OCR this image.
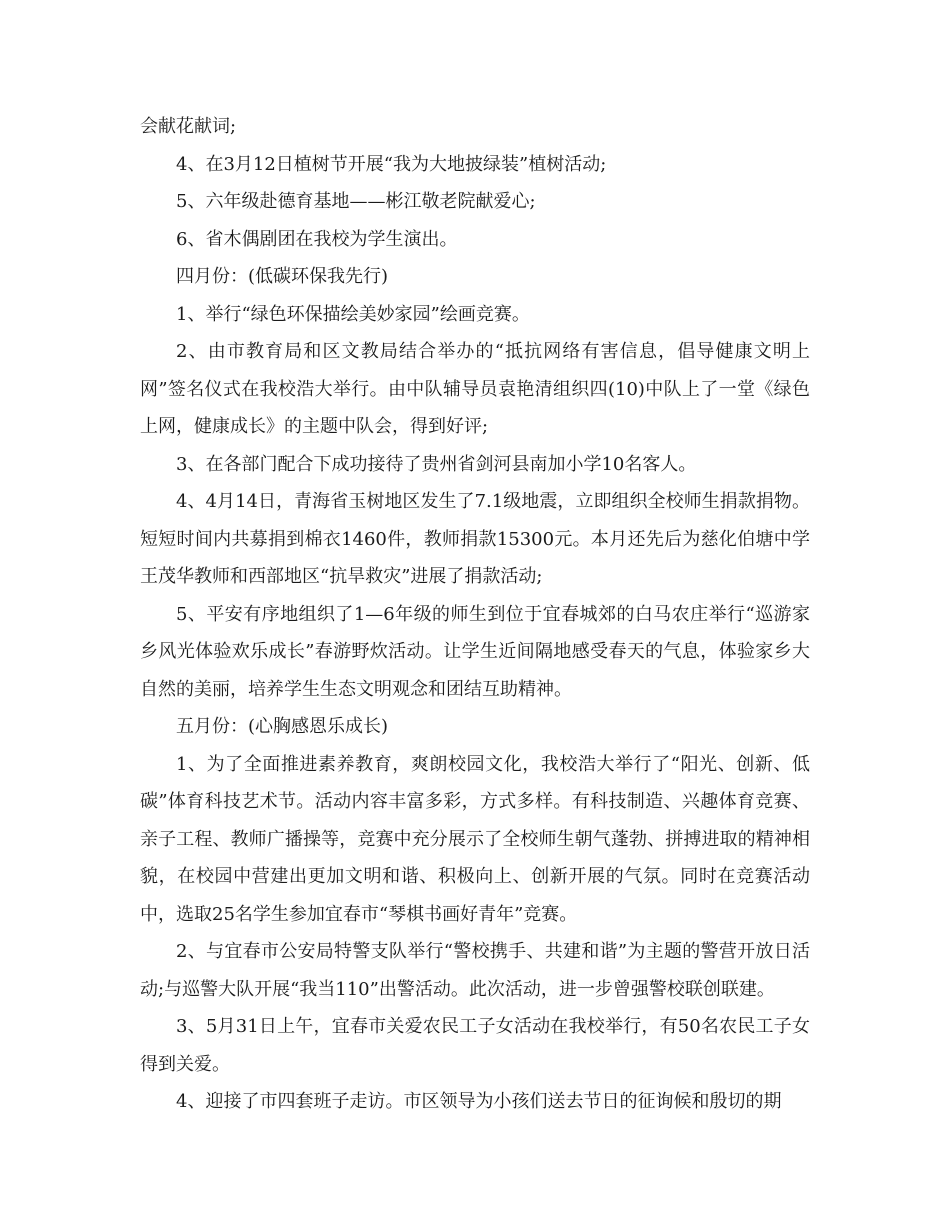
会献花献词;

4、在3月12日植树节开展“我为大地披绿装”植树活动;

5、六年级赴德育基地——彬江敬老院献爱心;

6、省木偶剧团在我校为学生演出。

四月份：(低碳环保我先行)

1、举行“绿色环保描绘美妙家园”绘画竞赛。

2、由市教育局和区文教局结合举办的“抵抗网络有害信息，倡导健康文明上网”签名仪式在我校浩大举行。由中队辅导员袁艳清组织四(10)中队上了一堂《绿色上网，健康成长》的主题中队会，得到好评;

3、在各部门配合下成功接待了贵州省剑河县南加小学10名客人。

4、4月14日，青海省玉树地区发生了7.1级地震，立即组织全校师生捐款捐物。短短时间内共募捐到棉衣1460件，教师捐款15300元。本月还先后为慈化伯塘中学王茂华教师和西部地区“抗旱救灾”进展了捐款活动;

5、平安有序地组织了1—6年级的师生到位于宜春城郊的白马农庄举行“巡游家乡风光体验欢乐成长”春游野炊活动。让学生近间隔地感受春天的气息，体验家乡大自然的美丽，培养学生生态文明观念和团结互助精神。

五月份：(心胸感恩乐成长)

1、为了全面推进素养教育，爽朗校园文化，我校浩大举行了“阳光、创新、低碳”体育科技艺术节。活动内容丰富多彩，方式多样。有科技制造、兴趣体育竞赛、亲子工程、教师广播操等，竞赛中充分展示了全校师生朝气蓬勃、拼搏进取的精神相貌，在校园中营建出更加文明和谐、积极向上、创新开展的气氛。同时在竞赛活动中，选取25名学生参加宜春市“琴棋书画好青年”竞赛。

2、与宜春市公安局特警支队举行“警校携手、共建和谐”为主题的警营开放日活动;与巡警大队开展“我当110”出警活动。此次活动，进一步曾强警校联创联建。

3、5月31日上午，宜春市关爱农民工子女活动在我校举行，有50名农民工子女得到关爱。

4、迎接了市四套班子走访。市区领导为小孩们送去节日的征询候和殷切的期
